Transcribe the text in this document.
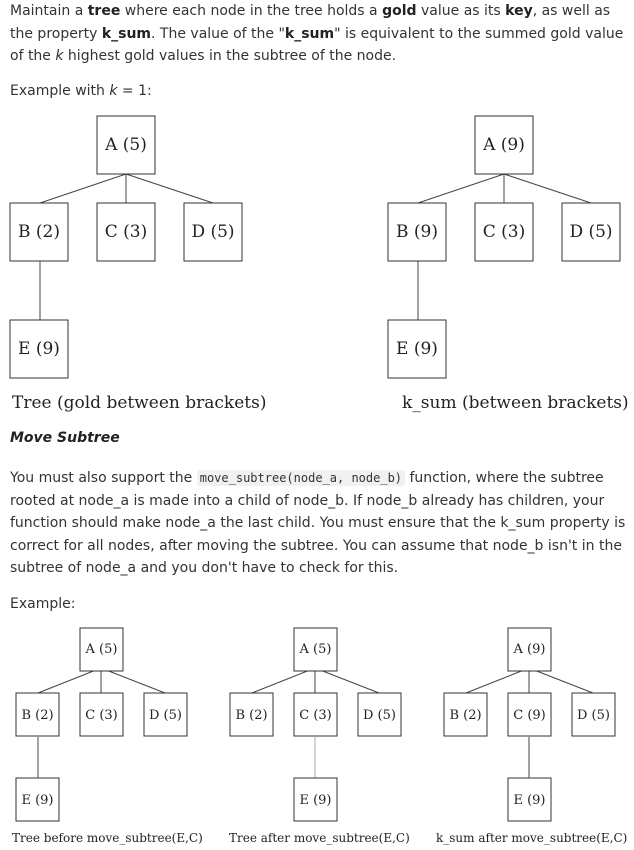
Maintain a tree where each node in the tree holds a gold value as its key, as well as the property k_sum. The value of the "k_sum" is equivalent to the summed gold value of the k highest gold values in the subtree of the node.

Example with k = 1:

A (5)
B (2)	C (3)	D (5)
E (9)
Tree (gold between brackets)
A (9)
B (9)	C (3)	D (5)
E (9)
k_sum (between brackets)
A (5)
B (2) C (3) D (5)
E (9)
Tree before move_subtree(E,C)
A (5)
B (2) C (3) D (5)
E (9)
Tree after move_subtree(E,C)
A (9)
B (2) C (9) D (5)
E (9)
k_sum after move_subtree(E,C)
Move Subtree

You must also support the move_subtree(node_a, node_b) function, where the subtree rooted at node_a is made into a child of node_b. If node_b already has children, your function should make node_a the last child. You must ensure that the k_sum property is correct for all nodes, after moving the subtree. You can assume that node_b isn't in the subtree of node_a and you don't have to check for this.

Example:
